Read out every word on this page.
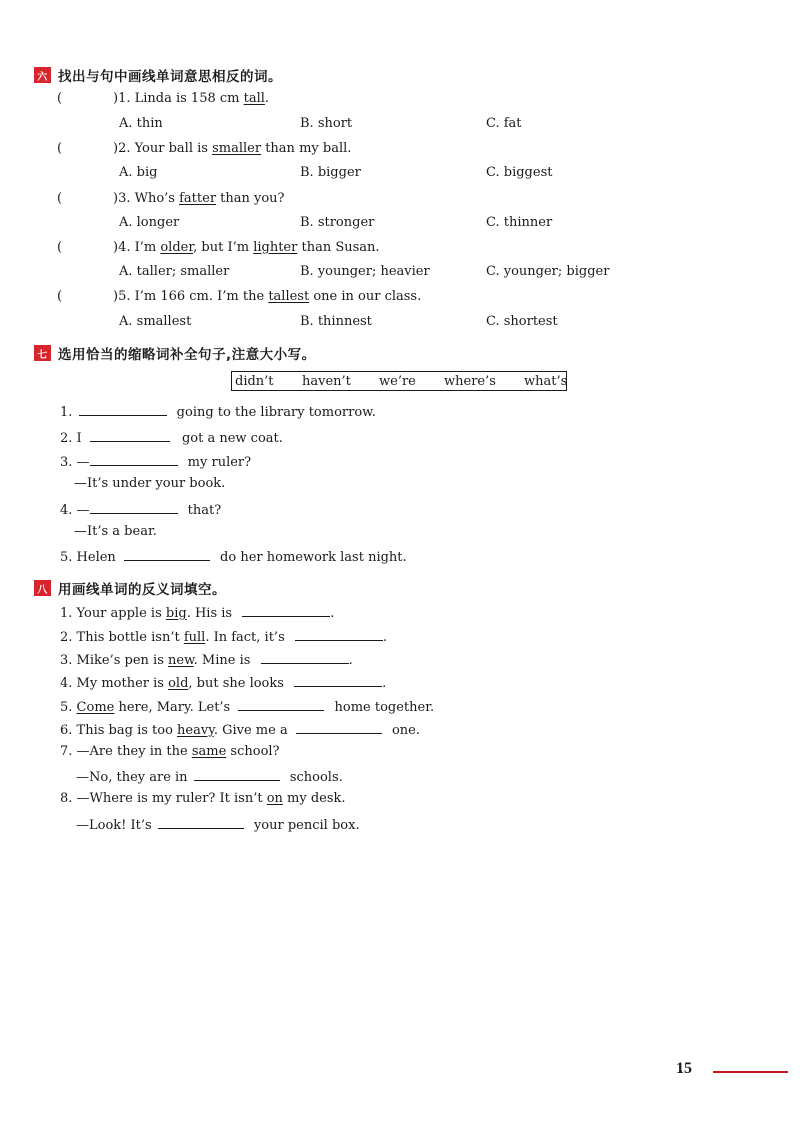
六 找出与句中画线单词意思相反的词。
(	)1. Linda is 158 cm tall.
A. thin	B. short	C. fat
(	)2. Your ball is smaller than my ball.
A. big	B. bigger	C. biggest
(	)3. Who’s fatter than you?
A. longer	B. stronger	C. thinner
(	)4. I’m older, but I’m lighter than Susan.
A. taller; smaller	B. younger; heavier	C. younger; bigger
(	)5. I’m 166 cm. I’m the tallest one in our class.
A. smallest	B. thinnest	C. shortest
七 选用恰当的缩略词补全句子,注意大小写。
didn’t haven’t we’re where’s what’s
1.	going to the library tomorrow.
2. I	got a new coat.
3. —	my ruler?
—It’s under your book.
4. —	that?
—It’s a bear.
5. Helen	do her homework last night.
八 用画线单词的反义词填空。
1. Your apple is big. His is	.
2. This bottle isn’t full. In fact, it’s	.
3. Mike’s pen is new. Mine is	.
4. My mother is old, but she looks	.
5. Come here, Mary. Let’s	home together.
6. This bag is too heavy. Give me a	one.
7. —Are they in the same school?
—No, they are in	schools.
8. —Where is my ruler? It isn’t on my desk.
—Look! It’s	your pencil box.
15
